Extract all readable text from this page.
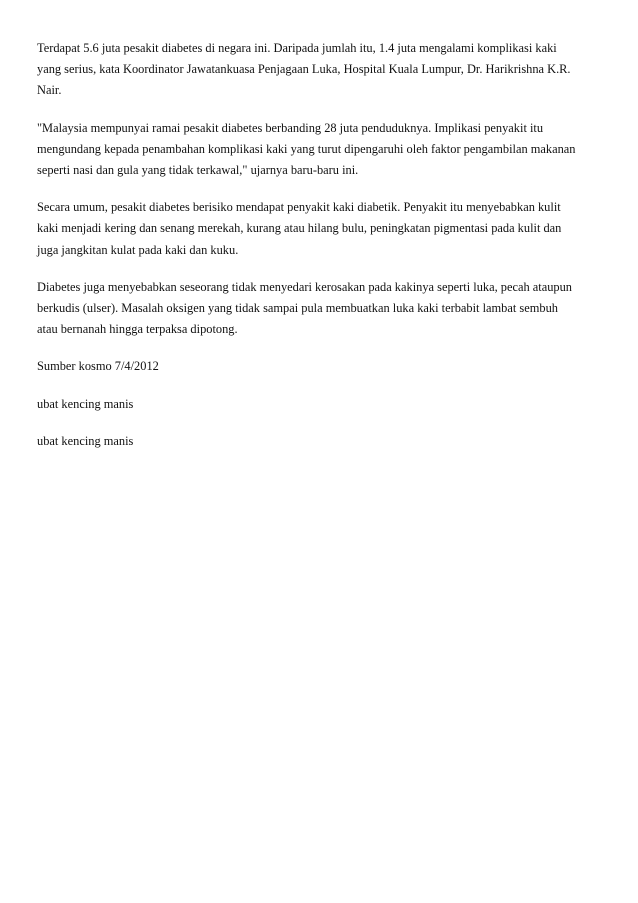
Terdapat 5.6 juta pesakit diabetes di negara ini. Daripada jumlah itu, 1.4 juta mengalami komplikasi kaki
yang serius, kata Koordinator Jawatankuasa Penjagaan Luka, Hospital Kuala Lumpur, Dr. Harikrishna K.R.
Nair.

"Malaysia mempunyai ramai pesakit diabetes berbanding 28 juta penduduknya. Implikasi penyakit itu
mengundang kepada penambahan komplikasi kaki yang turut dipengaruhi oleh faktor pengambilan makanan
seperti nasi dan gula yang tidak terkawal," ujarnya baru-baru ini.

Secara umum, pesakit diabetes berisiko mendapat penyakit kaki diabetik. Penyakit itu menyebabkan kulit
kaki menjadi kering dan senang merekah, kurang atau hilang bulu, peningkatan pigmentasi pada kulit dan
juga jangkitan kulat pada kaki dan kuku.

Diabetes juga menyebabkan seseorang tidak menyedari kerosakan pada kakinya seperti luka, pecah ataupun
berkudis (ulser). Masalah oksigen yang tidak sampai pula membuatkan luka kaki terbabit lambat sembuh
atau bernanah hingga terpaksa dipotong.

Sumber kosmo 7/4/2012

ubat kencing manis

ubat kencing manis
